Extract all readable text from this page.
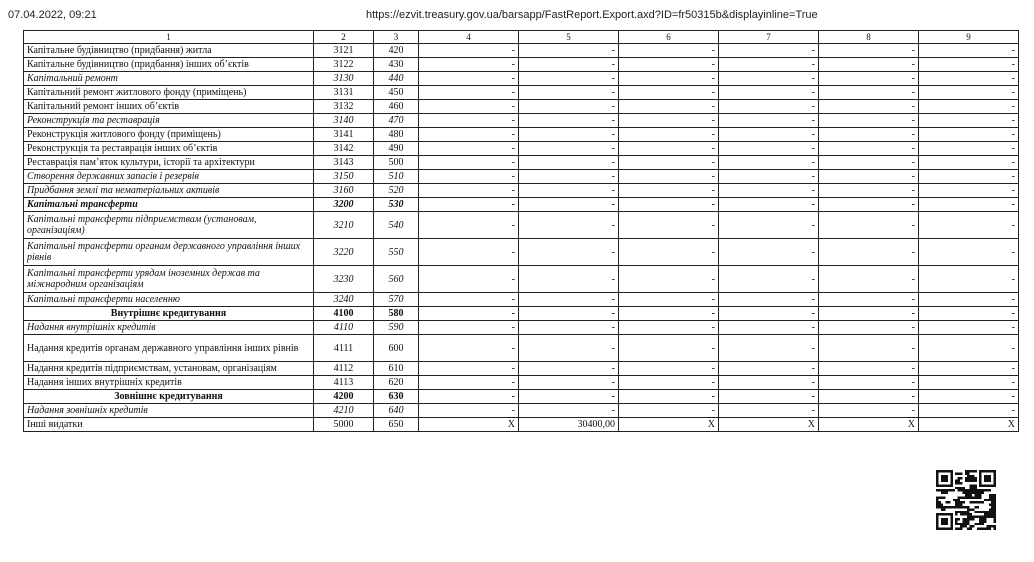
07.04.2022, 09:21	https://ezvit.treasury.gov.ua/barsapp/FastReport.Export.axd?ID=fr50315b&displayinline=True
1	2	3	4	5	6	7	8	9
Капітальне будівництво (придбання) житла	3121	420	-	-	-	-	-	-
Капітальне будівництво (придбання) інших об’єктів	3122	430	-	-	-	-	-	-
Капітальний ремонт	3130	440	-	-	-	-	-	-
Капітальний ремонт житлового фонду (приміщень)	3131	450	-	-	-	-	-	-
Капітальний ремонт інших об’єктів	3132	460	-	-	-	-	-	-
Реконструкція та реставрація	3140	470	-	-	-	-	-	-
Реконструкція житлового фонду (приміщень)	3141	480	-	-	-	-	-	-
Реконструкція та реставрація інших об’єктів	3142	490	-	-	-	-	-	-
Реставрація пам’яток культури, історії та архітектури	3143	500	-	-	-	-	-	-
Створення державних запасів і резервів	3150	510	-	-	-	-	-	-
Придбання землі та нематеріальних активів	3160	520	-	-	-	-	-	-
Капітальні трансферти	3200	530	-	-	-	-	-	-
Капітальні трансферти підприємствам (установам, організаціям)	3210	540	-	-	-	-	-	-
Капітальні трансферти органам державного управління інших рівнів	3220	550	-	-	-	-	-	-
Капітальні трансферти урядам іноземних держав та міжнародним організаціям	3230	560	-	-	-	-	-	-
Капітальні трансферти населенню	3240	570	-	-	-	-	-	-
Внутрішнє кредитування	4100	580	-	-	-	-	-	-
Надання внутрішніх кредитів	4110	590	-	-	-	-	-	-
Надання кредитів органам державного управління інших рівнів	4111	600	-	-	-	-	-	-
Надання кредитів підприємствам, установам, організаціям	4112	610	-	-	-	-	-	-
Надання інших внутрішніх кредитів	4113	620	-	-	-	-	-	-
Зовнішнє кредитування	4200	630	-	-	-	-	-	-
Надання зовнішніх кредитів	4210	640	-	-	-	-	-	-
Інші видатки	5000	650	X	30400,00	X	X	X	X
